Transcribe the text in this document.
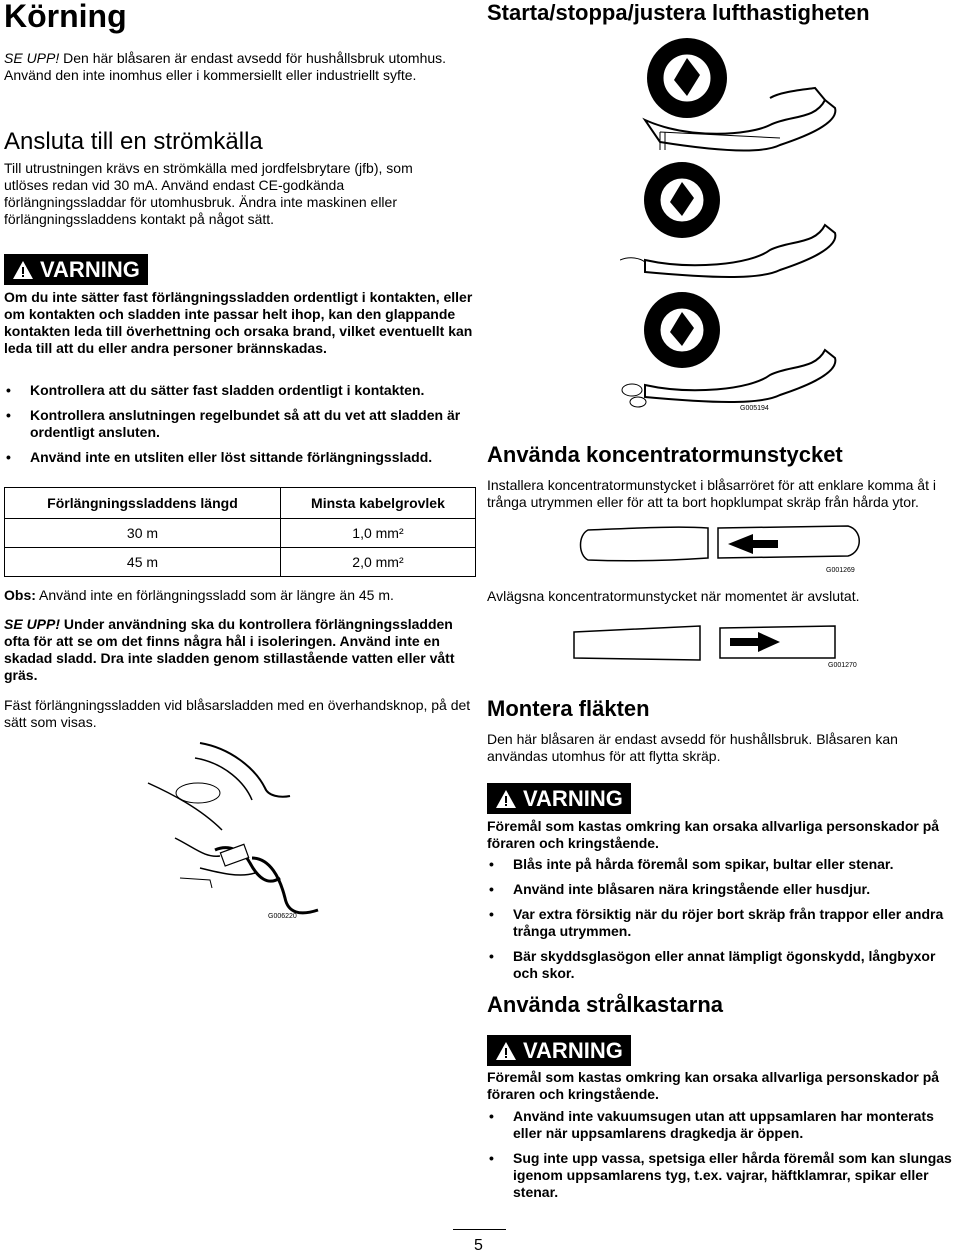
Körning	Starta/stoppa/justera lufthastigheten
SE UPP! Den här blåsaren är endast avsedd för hushållsbruk utomhus. Använd den inte inomhus eller i kommersiellt eller industriellt syfte.
Ansluta till en strömkälla
Till utrustningen krävs en strömkälla med jordfelsbrytare (jfb), som utlöses redan vid 30 mA. Använd endast CE-godkända förlängningssladdar för utomhusbruk. Ändra inte maskinen eller förlängningssladdens kontakt på något sätt.
VARNING
Om du inte sätter fast förlängningssladden ordentligt i kontakten, eller om kontakten och sladden inte passar helt ihop, kan den glappande kontakten leda till överhettning och orsaka brand, vilket eventuellt kan leda till att du eller andra personer brännskadas.
• Kontrollera att du sätter fast sladden ordentligt i kontakten.
• Kontrollera anslutningen regelbundet så att du vet att sladden är ordentligt ansluten.
• Använd inte en utsliten eller löst sittande förlängningssladd.
Förlängningssladdens längd	Minsta kabelgrovlek
30 m	1,0 mm²
45 m	2,0 mm²
Obs: Använd inte en förlängningssladd som är längre än 45 m.
SE UPP! Under användning ska du kontrollera förlängningssladden ofta för att se om det finns några hål i isoleringen. Använd inte en skadad sladd. Dra inte sladden genom stillastående vatten eller vått gräs.
Fäst förlängningssladden vid blåsarsladden med en överhandsknop, på det sätt som visas.
G006220
G005194
Använda koncentratormunstycket
Installera koncentratormunstycket i blåsarröret för att enklare komma åt i trånga utrymmen eller för att ta bort hopklumpat skräp från hårda ytor.
G001269
Avlägsna koncentratormunstycket när momentet är avslutat.
G001270
Montera fläkten
Den här blåsaren är endast avsedd för hushållsbruk. Blåsaren kan användas utomhus för att flytta skräp.
VARNING
Föremål som kastas omkring kan orsaka allvarliga personskador på föraren och kringstående.
• Blås inte på hårda föremål som spikar, bultar eller stenar.
• Använd inte blåsaren nära kringstående eller husdjur.
• Var extra försiktig när du röjer bort skräp från trappor eller andra trånga utrymmen.
• Bär skyddsglasögon eller annat lämpligt ögonskydd, långbyxor och skor.
Använda strålkastarna
VARNING
Föremål som kastas omkring kan orsaka allvarliga personskador på föraren och kringstående.
• Använd inte vakuumsugen utan att uppsamlaren har monterats eller när uppsamlarens dragkedja är öppen.
• Sug inte upp vassa, spetsiga eller hårda föremål som kan slungas igenom uppsamlarens tyg, t.ex. vajrar, häftklamrar, spikar eller stenar.
5
